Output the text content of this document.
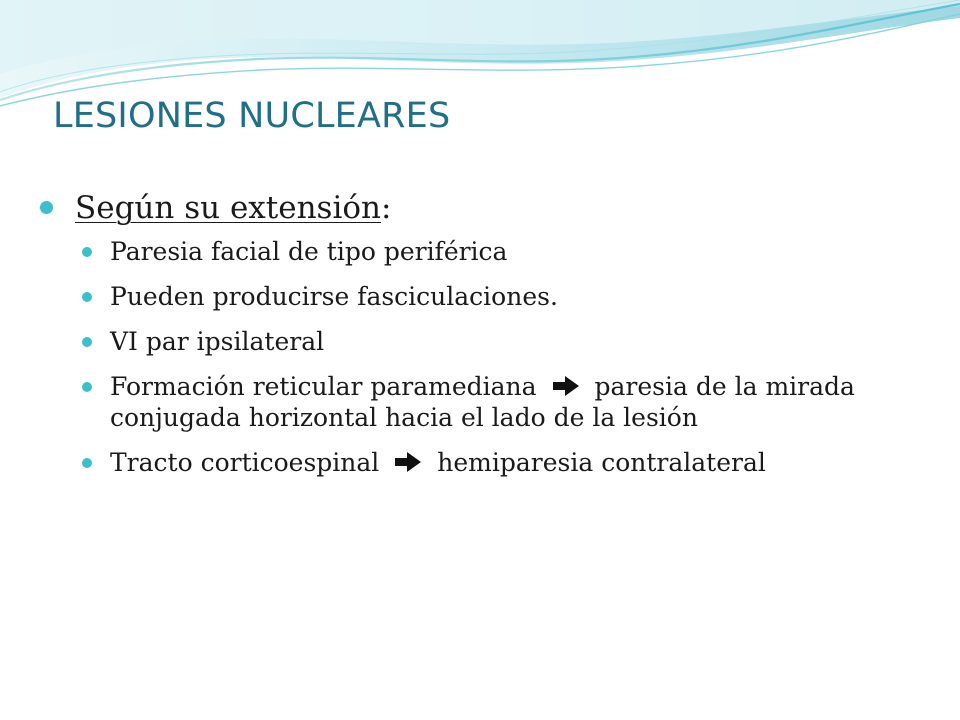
LESIONES NUCLEARES
Según su extensión:
Paresia facial de tipo periférica
Pueden producirse fasciculaciones.
VI par ipsilateral
Formación reticular paramediana paresia de la mirada conjugada horizontal hacia el lado de la lesión
Tracto corticoespinal hemiparesia contralateral
